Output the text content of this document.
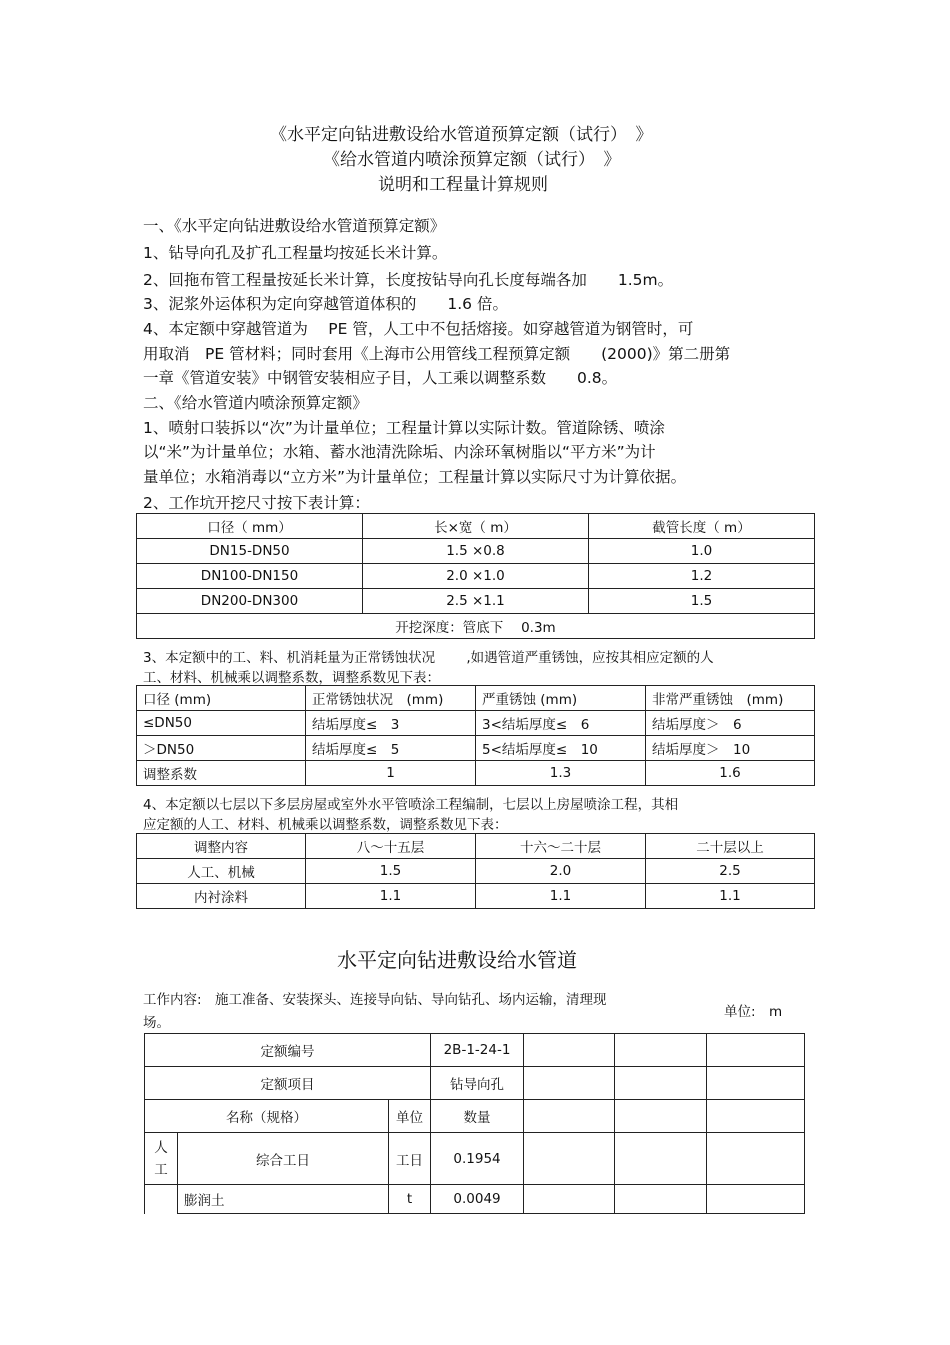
《水平定向钻进敷设给水管道预算定额（试行）　》
《给水管道内喷涂预算定额（试行）　》
说明和工程量计算规则
一、《水平定向钻进敷设给水管道预算定额》
1、钻导向孔及扩孔工程量均按延长米计算。
2、回拖布管工程量按延长米计算，长度按钻导向孔长度每端各加　　1.5m。
3、泥浆外运体积为定向穿越管道体积的　　1.6 倍。
4、本定额中穿越管道为　 PE 管，人工中不包括熔接。如穿越管道为钢管时，可
用取消　PE 管材料；同时套用《上海市公用管线工程预算定额　　(2000)》第二册第
一章《管道安装》中钢管安装相应子目，人工乘以调整系数　　0.8。
二、《给水管道内喷涂预算定额》
1、喷射口装拆以“次”为计量单位；工程量计算以实际计数。管道除锈、喷涂
以“米”为计量单位；水箱、蓄水池清洗除垢、内涂环氧树脂以“平方米”为计
量单位；水箱消毒以“立方米”为计量单位；工程量计算以实际尺寸为计算依据。
2、工作坑开挖尺寸按下表计算：
口径（ mm）	长×宽（ m）	截管长度（ m）
DN15-DN50	1.5 ×0.8	1.0
DN100-DN150	2.0 ×1.0	1.2
DN200-DN300	2.5 ×1.1	1.5
开挖深度：管底下　 0.3m		
3、本定额中的工、料、机消耗量为正常锈蚀状况　　 ,如遇管道严重锈蚀，应按其相应定额的人
工、材料、机械乘以调整系数，调整系数见下表：
口径 (mm)	正常锈蚀状况　(mm)	严重锈蚀 (mm)	非常严重锈蚀　(mm)
≤DN50	结垢厚度≤　3	3<结垢厚度≤　6	结垢厚度＞　6
＞DN50	结垢厚度≤　5	5<结垢厚度≤　10	结垢厚度＞　10
调整系数	1	1.3	1.6
4、本定额以七层以下多层房屋或室外水平管喷涂工程编制，七层以上房屋喷涂工程，其相
应定额的人工、材料、机械乘以调整系数，调整系数见下表：
调整内容	八～十五层	十六～二十层	二十层以上
人工、机械	1.5	2.0	2.5
内衬涂料	1.1	1.1	1.1
水平定向钻进敷设给水管道
工作内容:　施工准备、安装探头、连接导向钻、导向钻孔、场内运输，清理现
场。
单位:　m
定额编号			2B-1-24-1			
定额项目			钻导向孔			
名称（规格）		单位	数量			
人工	综合工日	工日	0.1954			
	膨润土	t	0.0049			
